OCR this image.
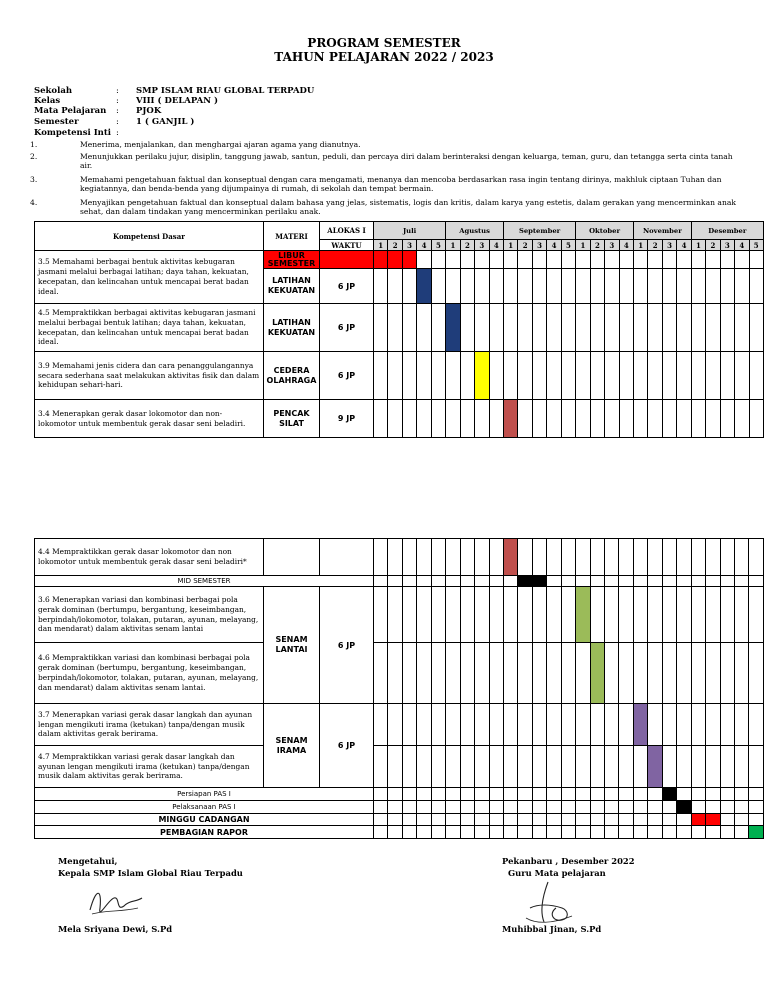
PROGRAM SEMESTER
TAHUN PELAJARAN 2022 / 2023
Sekolah	: SMP ISLAM RIAU GLOBAL TERPADU
Kelas	: VIII ( DELAPAN )
Mata Pelajaran : PJOK
Semester	: 1 ( GANJIL )
Kompetensi Inti :
1.	Menerima, menjalankan, dan menghargai ajaran agama yang dianutnya.
2.	Menunjukkan perilaku jujur, disiplin, tanggung jawab, santun, peduli, dan percaya diri dalam berinteraksi dengan keluarga, teman, guru, dan tetangga serta cinta tanah air.
3.	Memahami pengetahuan faktual dan konseptual dengan cara mengamati, menanya dan mencoba berdasarkan rasa ingin tentang dirinya, makhluk ciptaan Tuhan dan kegiatannya, dan benda-benda yang dijumpainya di rumah, di sekolah dan tempat bermain.
4.	Menyajikan pengetahuan faktual dan konseptual dalam bahasa yang jelas, sistematis, logis dan kritis, dalam karya yang estetis, dalam gerakan yang mencerminkan anak sehat, dan dalam tindakan yang mencerminkan perilaku anak.
Kompetensi Dasar	MATERI	ALOKAS I	Juli					Agustus				September					Oktober				November				Desember				
		WAKTU	1	2	3	4	5	1	2	3	4	1	2	3	4	5	1	2	3	4	1	2	3	4	1	2	3	4	5
3.5 Memahami berbagai bentuk aktivitas kebugaran jasmani melalui berbagai latihan; daya tahan, kekuatan, kecepatan, dan kelincahan untuk mencapai berat badan ideal.	LIBUR SEMESTER																												
	LATIHAN KEKUATAN	6 JP																											
4.5 Mempraktikkan berbagai aktivitas kebugaran jasmani melalui berbagai bentuk latihan; daya tahan, kekuatan, kecepatan, dan kelincahan untuk mencapai berat badan ideal.	LATIHAN KEKUATAN	6 JP																											
3.9 Memahami jenis cidera dan cara penanggulangannya secara sederhana saat melakukan aktivitas fisik dan dalam kehidupan sehari-hari.	CEDERA OLAHRAGA	6 JP																											
3.4 Menerapkan gerak dasar lokomotor dan non-lokomotor untuk membentuk gerak dasar seni beladiri.	PENCAK SILAT	9 JP																											
4.4 Mempraktikkan gerak dasar lokomotor dan non lokomotor untuk membentuk gerak dasar seni beladiri*																													
MID SEMESTER																													
3.6 Menerapkan variasi dan kombinasi berbagai pola gerak dominan (bertumpu, bergantung, keseimbangan, berpindah/lokomotor, tolakan, putaran, ayunan, melayang, dan mendarat) dalam aktivitas senam lantai	SENAM LANTAI	6 JP																											
4.6 Mempraktikkan variasi dan kombinasi berbagai pola gerak dominan (bertumpu, bergantung, keseimbangan, berpindah/lokomotor, tolakan, putaran, ayunan, melayang, dan mendarat) dalam aktivitas senam lantai.																													
3.7 Menerapkan variasi gerak dasar langkah dan ayunan lengan mengikuti irama (ketukan) tanpa/dengan musik dalam aktivitas gerak berirama.	SENAM IRAMA	6 JP																											
4.7 Mempraktikkan variasi gerak dasar langkah dan ayunan lengan mengikuti irama (ketukan) tanpa/dengan musik dalam aktivitas gerak berirama.																													
Persiapan PAS I																													
Pelaksanaan PAS I																													
MINGGU CADANGAN																													
PEMBAGIAN RAPOR																													
Mengetahui,
Kepala SMP Islam Global Riau Terpadu
Mela Sriyana Dewi, S.Pd
Pekanbaru , Desember 2022
Guru Mata pelajaran
Muhibbal Jinan, S.Pd
